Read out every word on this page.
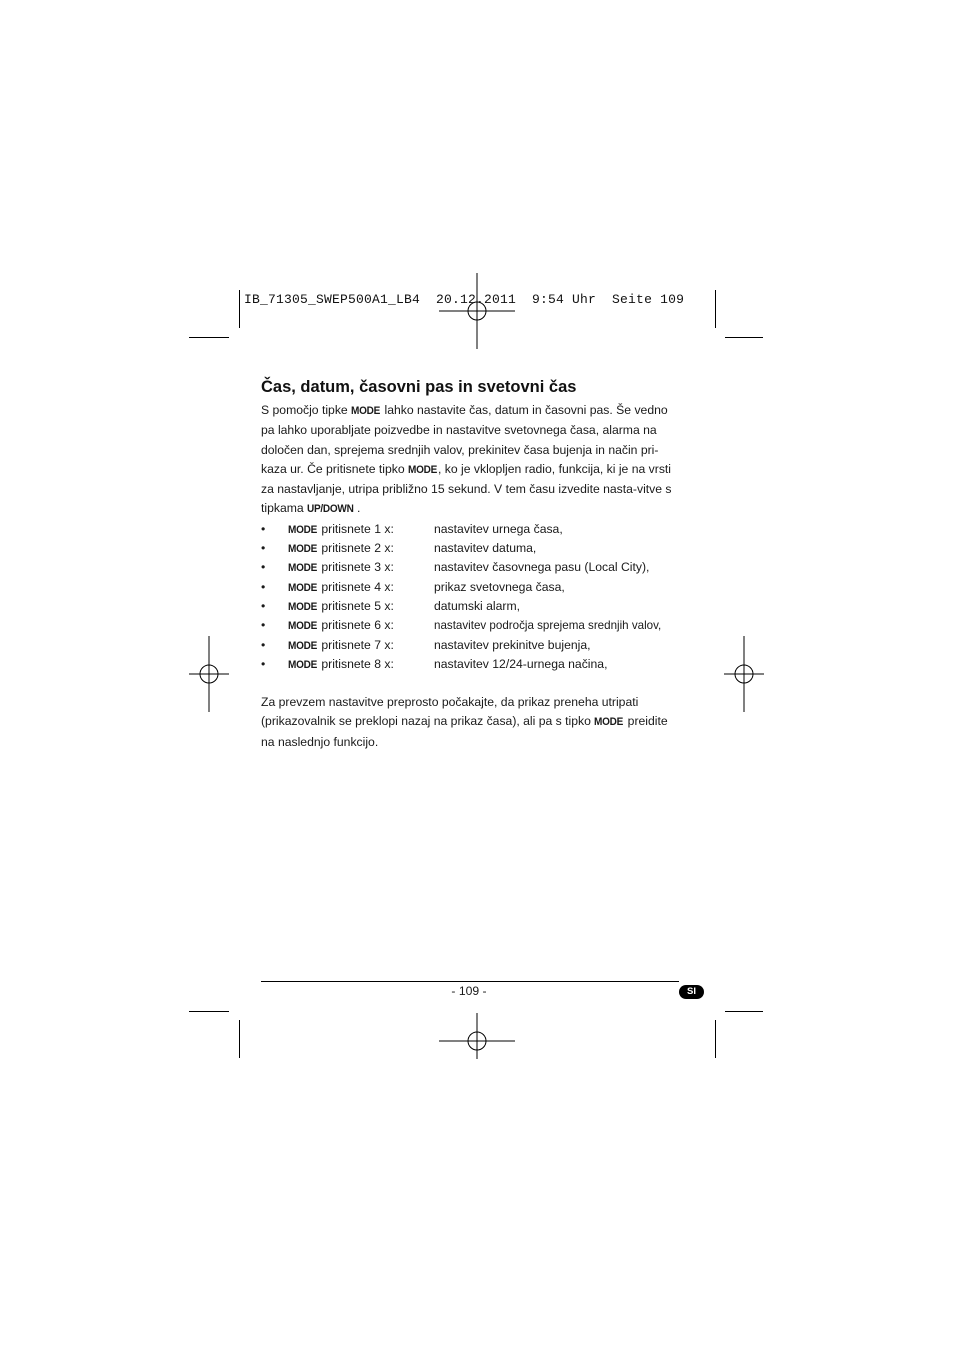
IB_71305_SWEP500A1_LB4  20.12.2011  9:54 Uhr  Seite 109
Čas, datum, časovni pas in svetovni čas

S pomočjo tipke MODE lahko nastavite čas, datum in časovni pas. Še vedno pa lahko uporabljate poizvedbe in nastavitve svetovnega časa, alarma na določen dan, sprejema srednjih valov, prekinitev časa bujenja in način pri-kaza ur. Če pritisnete tipko MODE, ko je vklopljen radio, funkcija, ki je na vrsti za nastavljanje, utripa približno 15 sekund. V tem času izvedite nasta-vitve s tipkama UP/DOWN .

• MODE pritisnete 1 x:	nastavitev urnega časa,
• MODE pritisnete 2 x:	nastavitev datuma,
• MODE pritisnete 3 x:	nastavitev časovnega pasu (Local City),
• MODE pritisnete 4 x:	prikaz svetovnega časa,
• MODE pritisnete 5 x:	datumski alarm,
• MODE pritisnete 6 x:	nastavitev področja sprejema srednjih valov,
• MODE pritisnete 7 x:	nastavitev prekinitve bujenja,
• MODE pritisnete 8 x:	nastavitev 12/24-urnega načina,

Za prevzem nastavitve preprosto počakajte, da prikaz preneha utripati (prikazovalnik se preklopi nazaj na prikaz časa), ali pa s tipko MODE preidite na naslednjo funkcijo.

- 109 -	SI
